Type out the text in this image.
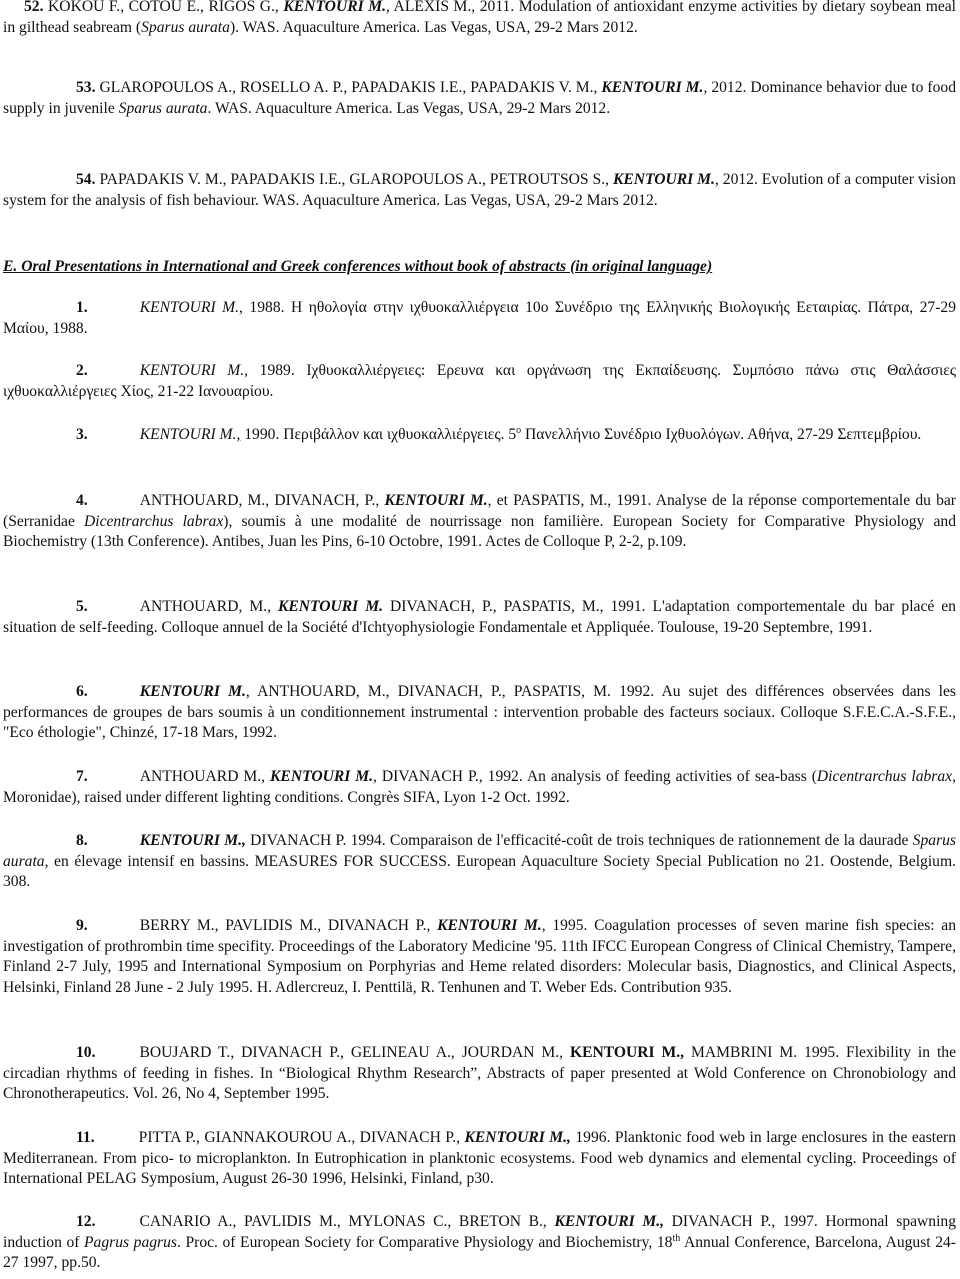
52. KOKOU F., COTOU E., RIGOS G., KENTOURI M., ALEXIS M., 2011. Modulation of antioxidant enzyme activities by dietary soybean meal in gilthead seabream (Sparus aurata). WAS. Aquaculture America. Las Vegas, USA, 29-2 Mars 2012.

53. GLAROPOULOS A., ROSELLO A. P., PAPADAKIS I.E., PAPADAKIS V. M., KENTOURI M., 2012. Dominance behavior due to food supply in juvenile Sparus aurata. WAS. Aquaculture America. Las Vegas, USA, 29-2 Mars 2012.

54. PAPADAKIS V. M., PAPADAKIS I.E., GLAROPOULOS A., PETROUTSOS S., KENTOURI M., 2012. Evolution of a computer vision system for the analysis of fish behaviour. WAS. Aquaculture America. Las Vegas, USA, 29-2 Mars 2012.

E. Oral Presentations in International and Greek conferences without book of abstracts (in original language)

1.	KENTOURI M., 1988. Η ηθολογία στην ιχθυοκαλλιέργεια 10ο Συνέδριο της Ελληνικής Βιολογικής Εεταιρίας. Πάτρα, 27-29 Μαίου, 1988.

2.	KENTOURI M., 1989. Ιχθυοκαλλιέργειες: Ερευνα και οργάνωση της Εκπαίδευσης. Συμπόσιο πάνω στις Θαλάσσιες ιχθυοκαλλιέργειες Χίος, 21-22 Ιανουαρίου.

3.	KENTOURI M., 1990. Περιβάλλον και ιχθυοκαλλιέργειες. $5^o$ Πανελλήνιο Συνέδριο Ιχθυολόγων. Αθήνα, 27-29 Σεπτεμβρίου.

4.	ANTHOUARD, M., DIVANACH, P., KENTOURI M., et PASPATIS, M., 1991. Analyse de la réponse comportementale du bar (Serranidae Dicentrarchus labrax), soumis à une modalité de nourrissage non familière. European Society for Comparative Physiology and Biochemistry (13th Conference). Antibes, Juan les Pins, 6-10 Octobre, 1991. Actes de Colloque P, 2-2, p.109.

5.	ANTHOUARD, M., KENTOURI M. DIVANACH, P., PASPATIS, M., 1991. L'adaptation comportementale du bar placé en situation de self-feeding. Colloque annuel de la Société d'Ichtyophysiologie Fondamentale et Appliquée. Toulouse, 19-20 Septembre, 1991.

6.	KENTOURI M., ANTHOUARD, M., DIVANACH, P., PASPATIS, M. 1992. Au sujet des différences observées dans les performances de groupes de bars soumis à un conditionnement instrumental : intervention probable des facteurs sociaux. Colloque S.F.E.C.A.-S.F.E., "Eco éthologie", Chinzé, 17-18 Mars, 1992.

7.	ANTHOUARD M., KENTOURI M., DIVANACH P., 1992. An analysis of feeding activities of sea-bass (Dicentrarchus labrax, Moronidae), raised under different lighting conditions. Congrès SIFA, Lyon 1-2 Oct. 1992.

8.	KENTOURI M., DIVANACH P. 1994. Comparaison de l'efficacité-coût de trois techniques de rationnement de la daurade Sparus aurata, en élevage intensif en bassins. MEASURES FOR SUCCESS. European Aquaculture Society Special Publication no 21. Oostende, Belgium. 308.

9.	BERRY M., PAVLIDIS M., DIVANACH P., KENTOURI M., 1995. Coagulation processes of seven marine fish species: an investigation of prothrombin time specifity. Proceedings of the Laboratory Medicine '95. 11th IFCC European Congress of Clinical Chemistry, Tampere, Finland 2-7 July, 1995 and International Symposium on Porphyrias and Heme related disorders: Molecular basis, Diagnostics, and Clinical Aspects, Helsinki, Finland 28 June - 2 July 1995. H. Adlercreuz, I. Penttilä, R. Tenhunen and T. Weber Eds. Contribution 935.

10.	BOUJARD T., DIVANACH P., GELINEAU A., JOURDAN M., KENTOURI M., MAMBRINI M. 1995. Flexibility in the circadian rhythms of feeding in fishes. In “Biological Rhythm Research”, Abstracts of paper presented at Wold Conference on Chronobiology and Chronotherapeutics. Vol. 26, No 4, September 1995.

11.	PITTA P., GIANNAKOUROU A., DIVANACH P., KENTOURI M., 1996. Planktonic food web in large enclosures in the eastern Mediterranean. From pico- to microplankton. In Eutrophication in planktonic ecosystems. Food web dynamics and elemental cycling. Proceedings of International PELAG Symposium, August 26-30 1996, Helsinki, Finland, p30.

12.	CANARIO A., PAVLIDIS M., MYLONAS C., BRETON B., KENTOURI M., DIVANACH P., 1997. Hormonal spawning induction of Pagrus pagrus. Proc. of European Society for Comparative Physiology and Biochemistry, 18th Annual Conference, Barcelona, August 24-27 1997, pp.50.
